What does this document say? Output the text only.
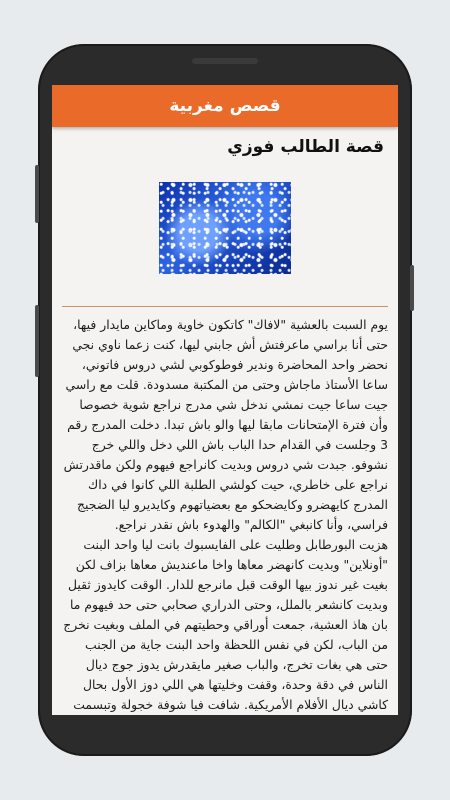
قصص مغربية
قصة الطالب فوزي

يوم السبت بالعشية "لافاك" كاتكون خاوية وماكاين مايدار فيها، حتى أنا براسي ماعرفتش أش جابني ليها، كنت زعما ناوي نجي نحضر واحد المحاضرة وندير فوطوكوبي لشي دروس فاتوني، ساعا الأستاذ ماجاش وحتى من المكتبة مسدودة. قلت مع راسي جيت ساعا جيت نمشي ندخل شي مدرج نراجع شوية خصوصا وأن فترة الإمتحانات مابقا ليها والو باش تبدا. دخلت المدرج رقم 3 وجلست في القدام حدا الباب باش اللي دخل واللي خرج نشوفو. جبدت شي دروس وبديت كانراجع فيهوم ولكن ماقدرتش نراجع على خاطري، حيت كولشي الطلبة اللي كانوا في داك المدرج كايهضرو وكايضحكو مع بعضياتهوم وكايديرو ليا الضجيج فراسي، وأنا كانبغي "الكالم" والهدوء باش نقدر نراجع.

هزيت البورطابل وطليت على الفايسبوك بانت ليا واحد البنت "أونلاين" وبديت كانهضر معاها واخا ماعنديش معاها بزاف لكن بغيت غير ندوز بيها الوقت قبل مانرجع للدار. الوقت كايدوز ثقيل وبديت كانشعر بالملل، وحتى الدراري صحابي حتى حد فيهوم ما بان هاذ العشية، جمعت أوراقي وحطيتهم في الملف وبغيت نخرج من الباب، لكن في نفس اللحظة واحد البنت جاية من الجنب حتى هي بغات تخرج، والباب صغير مايقدرش يدوز جوج ديال الناس في دقة وحدة، وقفت وخليتها هي اللي دوز الأول بحال كاشي ديال الأفلام الأمريكية. شافت فيا شوفة خجولة وتبسمت
